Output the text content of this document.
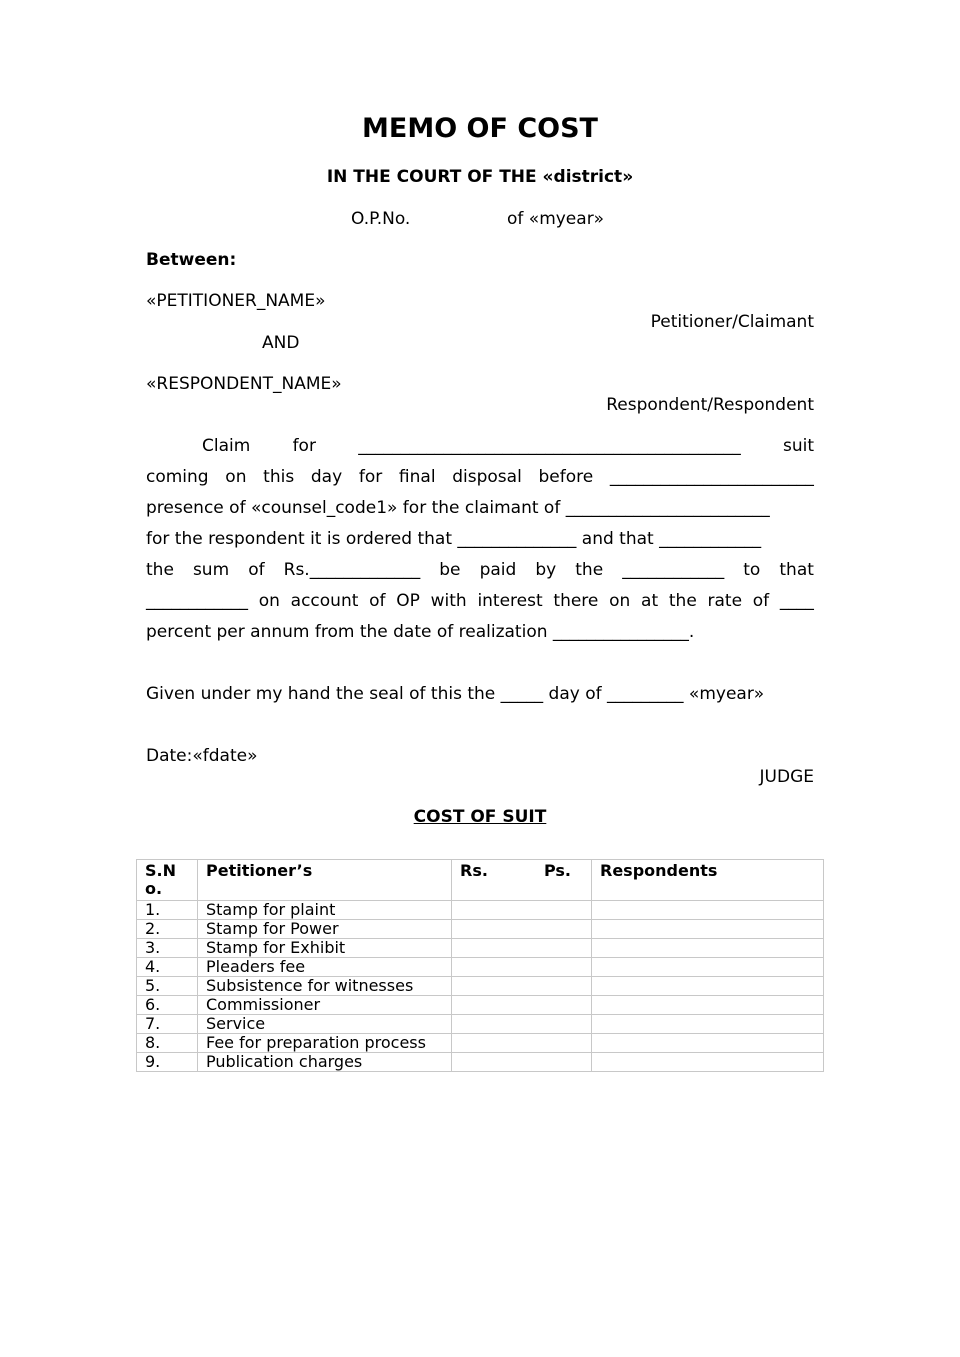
MEMO OF COST
IN THE COURT OF THE «district»
O.P.No.	of «myear»
Between:
«PETITIONER_NAME»
Petitioner/Claimant
AND
«RESPONDENT_NAME»
Respondent/Respondent
Claim for _____________________________________________ suit
coming on this day for final disposal before ________________________
presence of «counsel_code1» for the claimant of ________________________
for the respondent it is ordered that ______________ and that ____________
the sum of Rs._____________ be paid by the ____________ to that
____________ on account of OP with interest there on at the rate of ____
percent per annum from the date of realization ________________.
Given under my hand the seal of this the _____ day of _________ «myear»
Date:«fdate»
JUDGE
COST OF SUIT
S.No.	Petitioner’s	Rs. Ps.	Respondents
1.	Stamp for plaint		
2.	Stamp for Power		
3.	Stamp for Exhibit		
4.	Pleaders fee		
5.	Subsistence for witnesses		
6.	Commissioner		
7.	Service		
8.	Fee for preparation process		
9.	Publication charges		
